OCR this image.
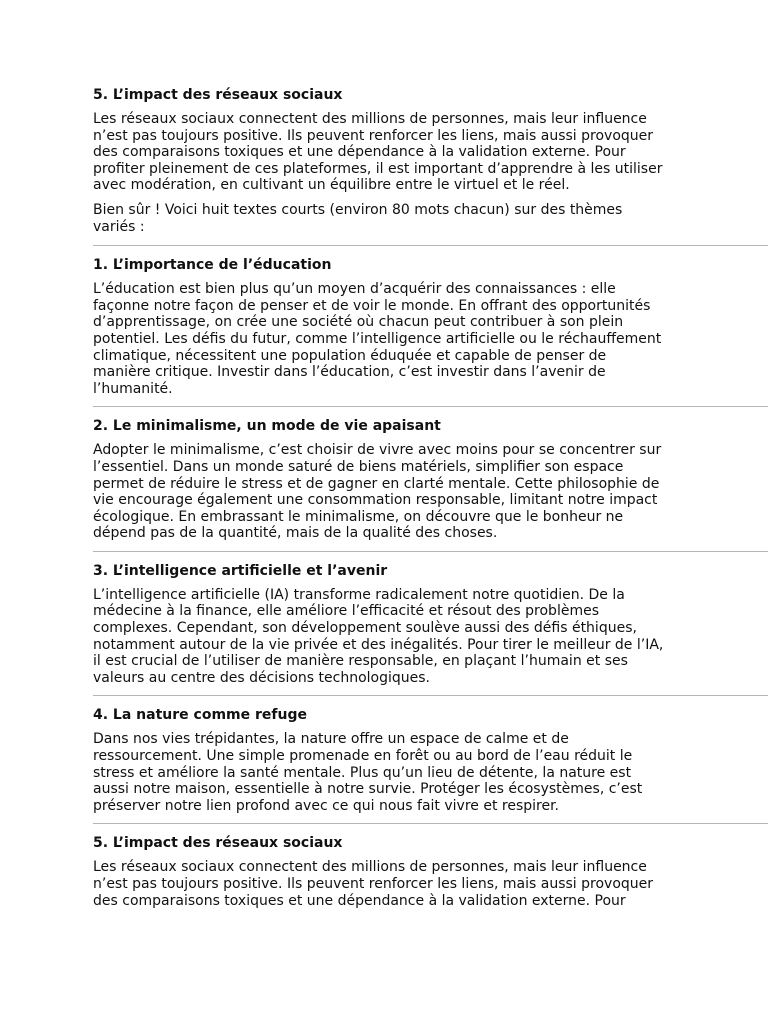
5. L’impact des réseaux sociaux
Les réseaux sociaux connectent des millions de personnes, mais leur influence
n’est pas toujours positive. Ils peuvent renforcer les liens, mais aussi provoquer
des comparaisons toxiques et une dépendance à la validation externe. Pour
profiter pleinement de ces plateformes, il est important d’apprendre à les utiliser
avec modération, en cultivant un équilibre entre le virtuel et le réel.
Bien sûr ! Voici huit textes courts (environ 80 mots chacun) sur des thèmes
variés :
1. L’importance de l’éducation
L’éducation est bien plus qu’un moyen d’acquérir des connaissances : elle
façonne notre façon de penser et de voir le monde. En offrant des opportunités
d’apprentissage, on crée une société où chacun peut contribuer à son plein
potentiel. Les défis du futur, comme l’intelligence artificielle ou le réchauffement
climatique, nécessitent une population éduquée et capable de penser de
manière critique. Investir dans l’éducation, c’est investir dans l’avenir de
l’humanité.
2. Le minimalisme, un mode de vie apaisant
Adopter le minimalisme, c’est choisir de vivre avec moins pour se concentrer sur
l’essentiel. Dans un monde saturé de biens matériels, simplifier son espace
permet de réduire le stress et de gagner en clarté mentale. Cette philosophie de
vie encourage également une consommation responsable, limitant notre impact
écologique. En embrassant le minimalisme, on découvre que le bonheur ne
dépend pas de la quantité, mais de la qualité des choses.
3. L’intelligence artificielle et l’avenir
L’intelligence artificielle (IA) transforme radicalement notre quotidien. De la
médecine à la finance, elle améliore l’efficacité et résout des problèmes
complexes. Cependant, son développement soulève aussi des défis éthiques,
notamment autour de la vie privée et des inégalités. Pour tirer le meilleur de l’IA,
il est crucial de l’utiliser de manière responsable, en plaçant l’humain et ses
valeurs au centre des décisions technologiques.
4. La nature comme refuge
Dans nos vies trépidantes, la nature offre un espace de calme et de
ressourcement. Une simple promenade en forêt ou au bord de l’eau réduit le
stress et améliore la santé mentale. Plus qu’un lieu de détente, la nature est
aussi notre maison, essentielle à notre survie. Protéger les écosystèmes, c’est
préserver notre lien profond avec ce qui nous fait vivre et respirer.
5. L’impact des réseaux sociaux
Les réseaux sociaux connectent des millions de personnes, mais leur influence
n’est pas toujours positive. Ils peuvent renforcer les liens, mais aussi provoquer
des comparaisons toxiques et une dépendance à la validation externe. Pour
